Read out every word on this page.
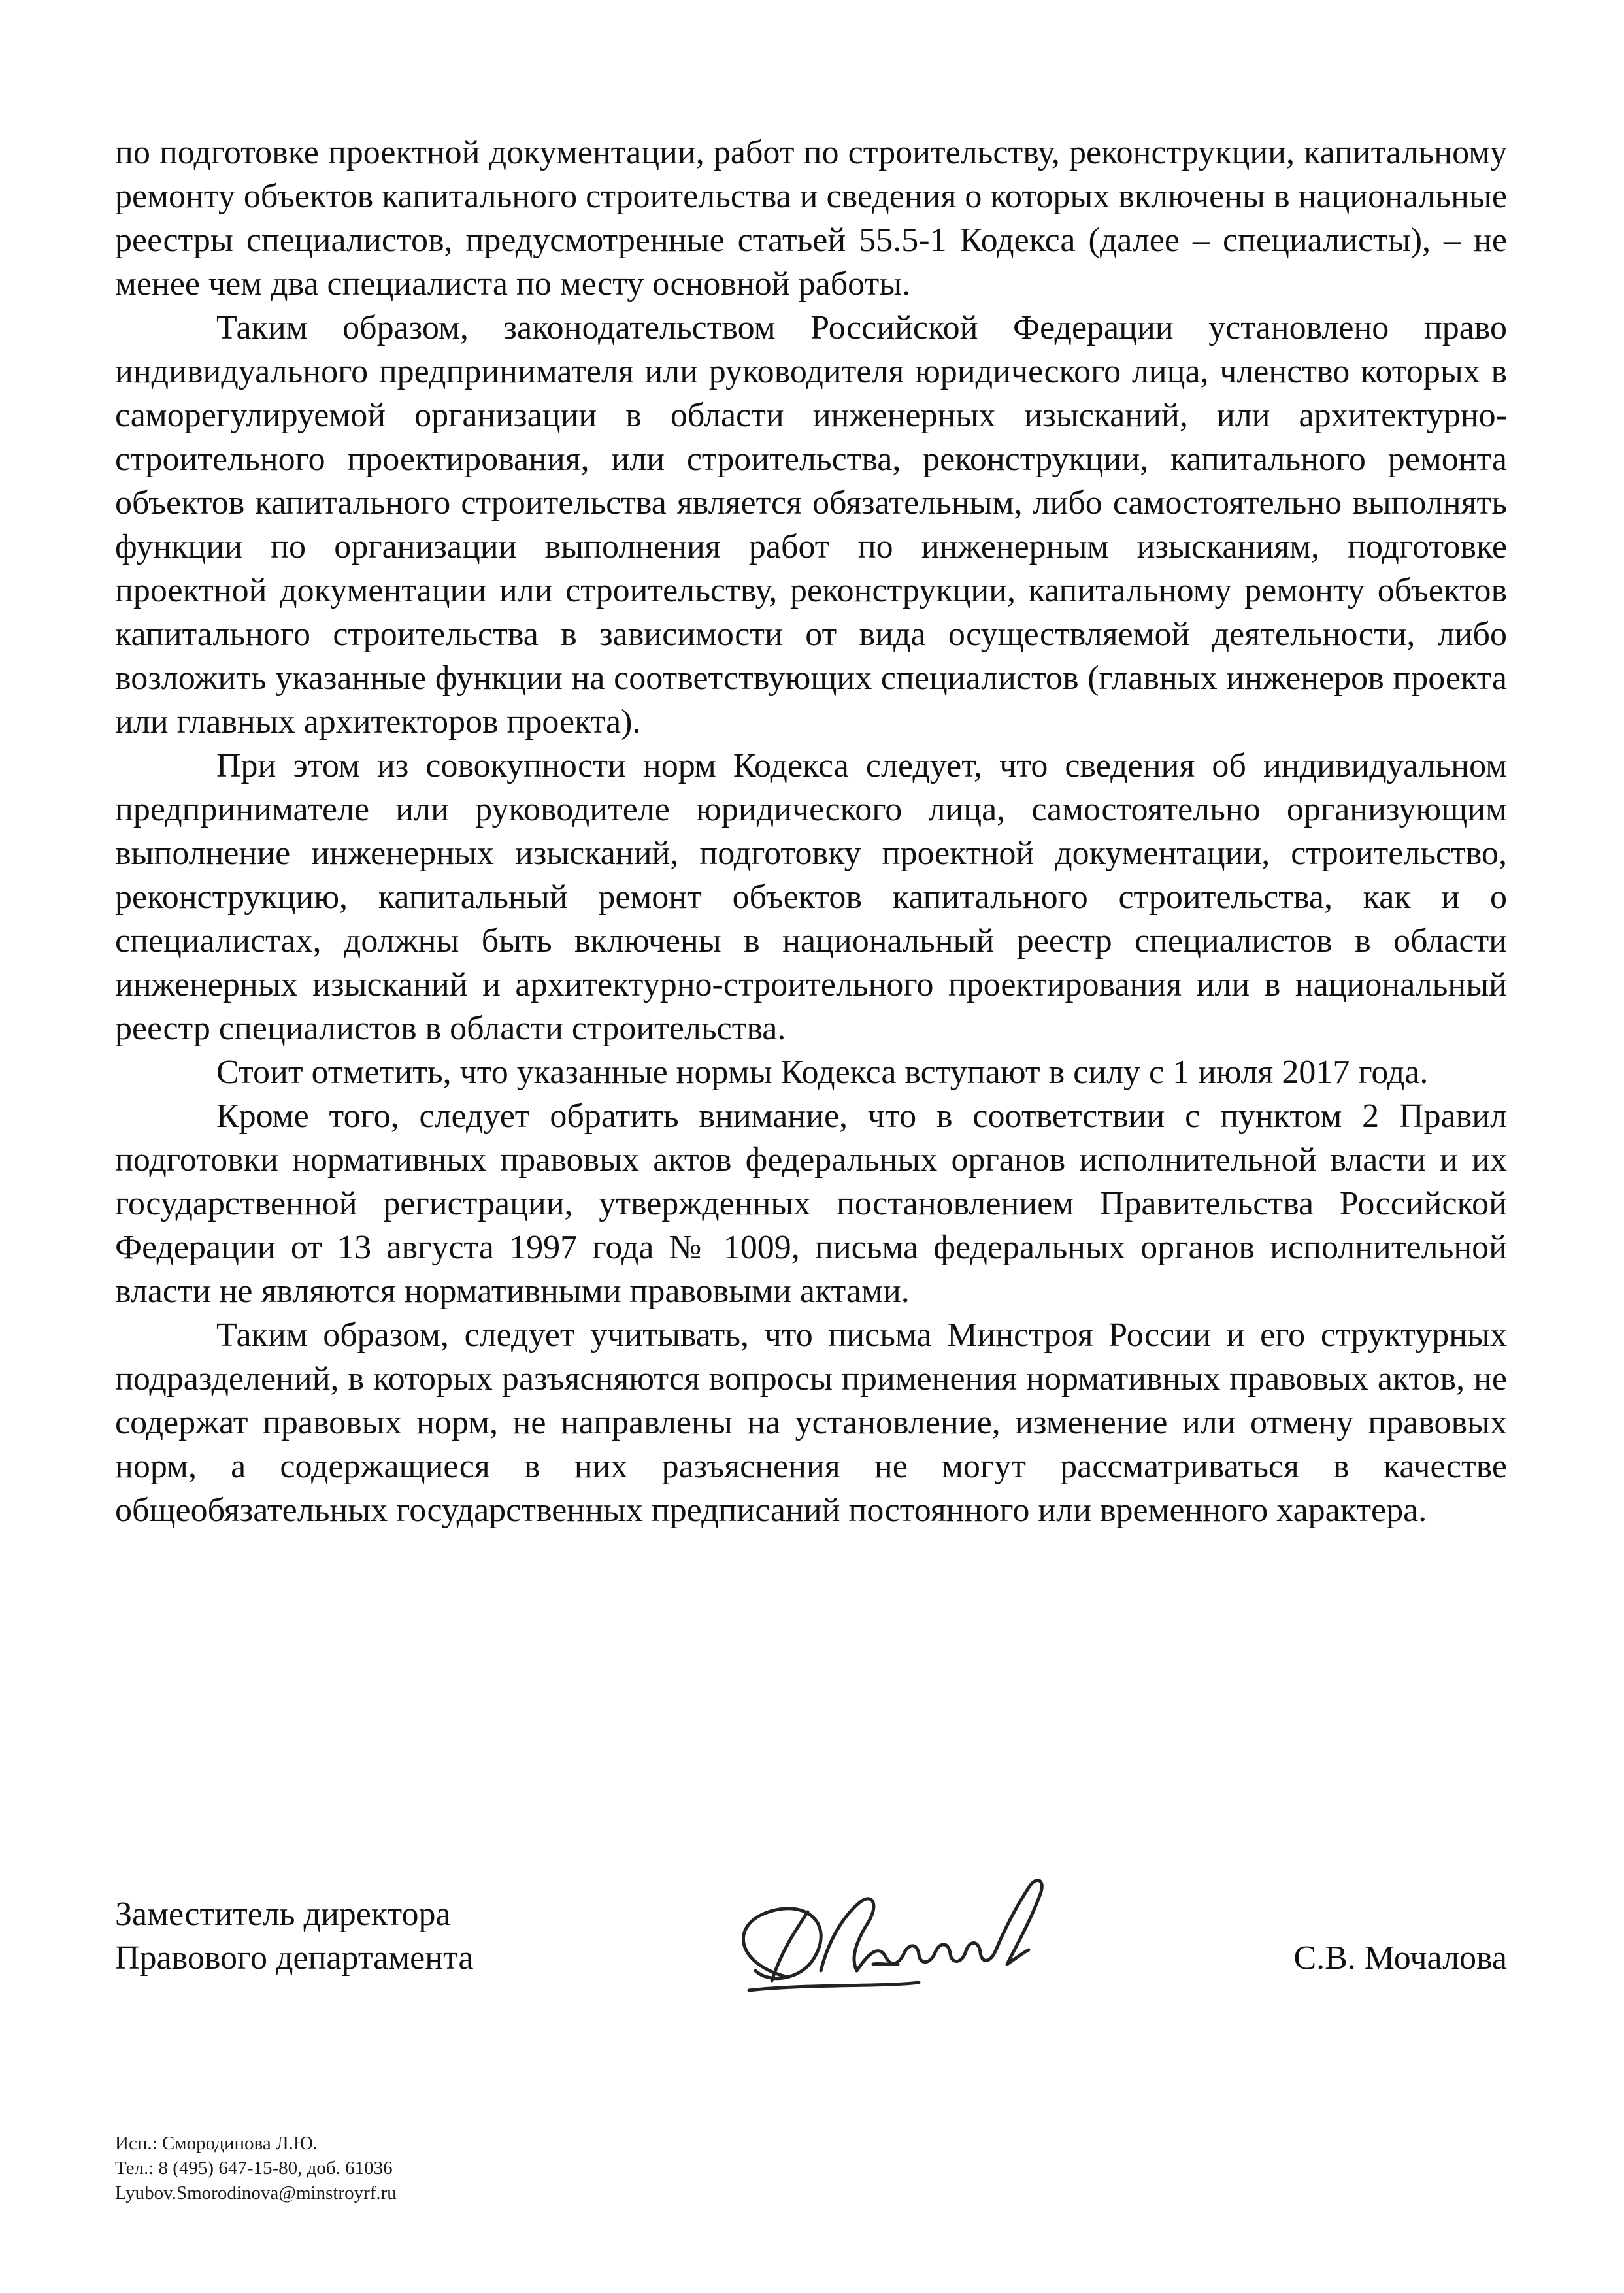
по подготовке проектной документации, работ по строительству, реконструкции, капитальному ремонту объектов капитального строительства и сведения о которых включены в национальные реестры специалистов, предусмотренные статьей 55.5-1 Кодекса (далее – специалисты), – не менее чем два специалиста по месту основной работы.

Таким образом, законодательством Российской Федерации установлено право индивидуального предпринимателя или руководителя юридического лица, членство которых в саморегулируемой организации в области инженерных изысканий, или архитектурно-строительного проектирования, или строительства, реконструкции, капитального ремонта объектов капитального строительства является обязательным, либо самостоятельно выполнять функции по организации выполнения работ по инженерным изысканиям, подготовке проектной документации или строительству, реконструкции, капитальному ремонту объектов капитального строительства в зависимости от вида осуществляемой деятельности, либо возложить указанные функции на соответствующих специалистов (главных инженеров проекта или главных архитекторов проекта).

При этом из совокупности норм Кодекса следует, что сведения об индивидуальном предпринимателе или руководителе юридического лица, самостоятельно организующим выполнение инженерных изысканий, подготовку проектной документации, строительство, реконструкцию, капитальный ремонт объектов капитального строительства, как и о специалистах, должны быть включены в национальный реестр специалистов в области инженерных изысканий и архитектурно-строительного проектирования или в национальный реестр специалистов в области строительства.

Стоит отметить, что указанные нормы Кодекса вступают в силу с 1 июля 2017 года.

Кроме того, следует обратить внимание, что в соответствии с пунктом 2 Правил подготовки нормативных правовых актов федеральных органов исполнительной власти и их государственной регистрации, утвержденных постановлением Правительства Российской Федерации от 13 августа 1997 года № 1009, письма федеральных органов исполнительной власти не являются нормативными правовыми актами.

Таким образом, следует учитывать, что письма Минстроя России и его структурных подразделений, в которых разъясняются вопросы применения нормативных правовых актов, не содержат правовых норм, не направлены на установление, изменение или отмену правовых норм, а содержащиеся в них разъяснения не могут рассматриваться в качестве общеобязательных государственных предписаний постоянного или временного характера.

Заместитель директора
Правового департамента	С.В. Мочалова
Исп.: Смородинова Л.Ю.
Тел.: 8 (495) 647-15-80, доб. 61036
Lyubov.Smorodinova@minstroyrf.ru
